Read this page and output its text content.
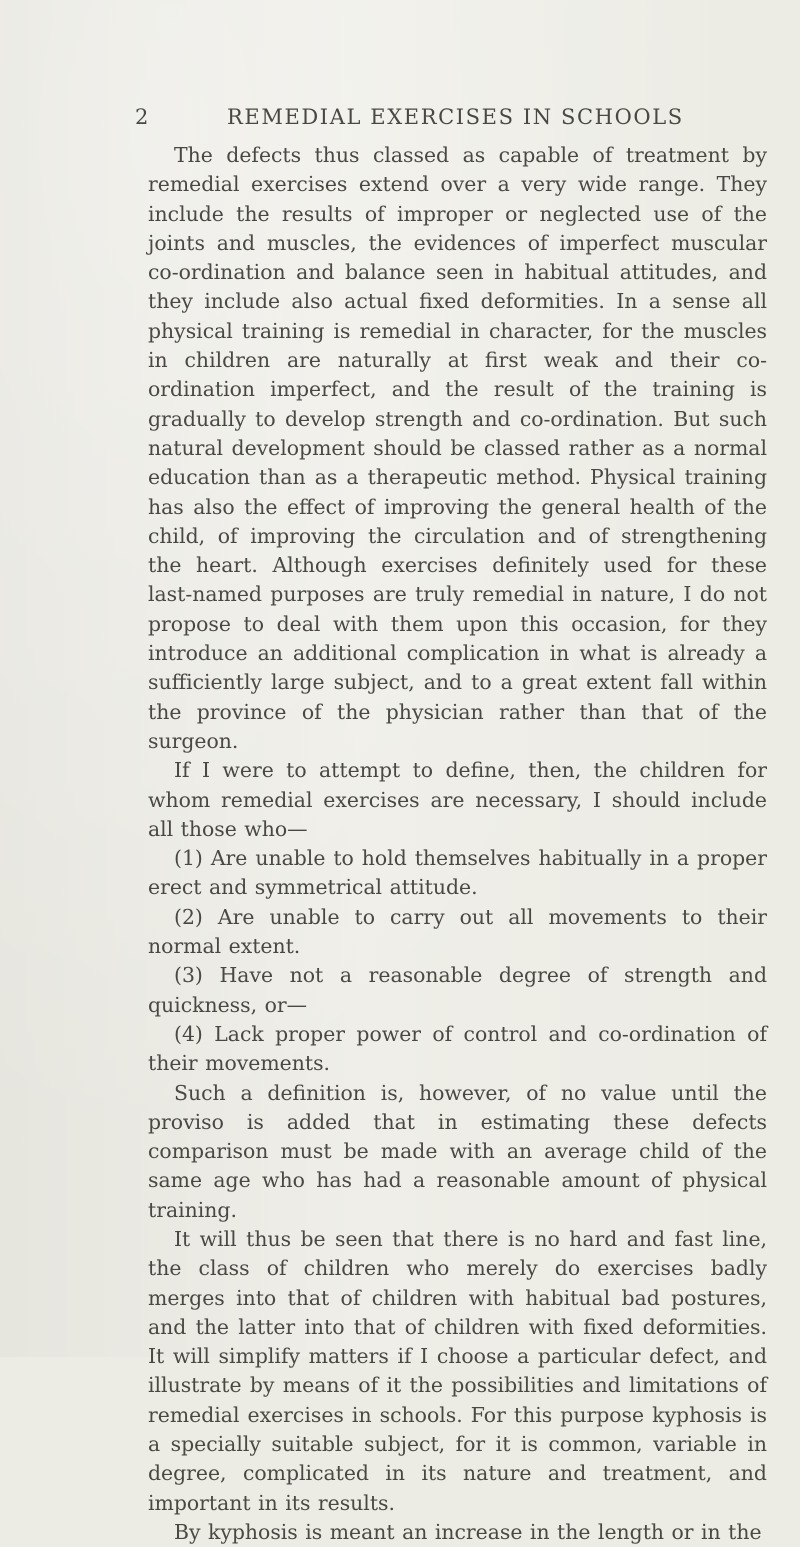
2	REMEDIAL EXERCISES IN SCHOOLS

The defects thus classed as capable of treatment by remedial exercises extend over a very wide range. They include the results of improper or neglected use of the joints and muscles, the evidences of imperfect muscular co-ordination and balance seen in habitual attitudes, and they include also actual fixed deformities. In a sense all physical training is remedial in character, for the muscles in children are naturally at first weak and their co-ordination imperfect, and the result of the training is gradually to develop strength and co-ordination. But such natural development should be classed rather as a normal education than as a therapeutic method. Physical training has also the effect of improving the general health of the child, of improving the circulation and of strengthening the heart. Although exercises definitely used for these last-named purposes are truly remedial in nature, I do not propose to deal with them upon this occasion, for they introduce an additional complication in what is already a sufficiently large subject, and to a great extent fall within the province of the physician rather than that of the surgeon.

If I were to attempt to define, then, the children for whom remedial exercises are necessary, I should include all those who—

(1) Are unable to hold themselves habitually in a proper erect and symmetrical attitude.

(2) Are unable to carry out all movements to their normal extent.

(3) Have not a reasonable degree of strength and quickness, or—

(4) Lack proper power of control and co-ordination of their movements.

Such a definition is, however, of no value until the proviso is added that in estimating these defects comparison must be made with an average child of the same age who has had a reasonable amount of physical training.

It will thus be seen that there is no hard and fast line, the class of children who merely do exercises badly merges into that of children with habitual bad postures, and the latter into that of children with fixed deformities. It will simplify matters if I choose a particular defect, and illustrate by means of it the possibilities and limitations of remedial exercises in schools. For this purpose kyphosis is a specially suitable subject, for it is common, variable in degree, complicated in its nature and treatment, and important in its results.

By kyphosis is meant an increase in the length or in the
